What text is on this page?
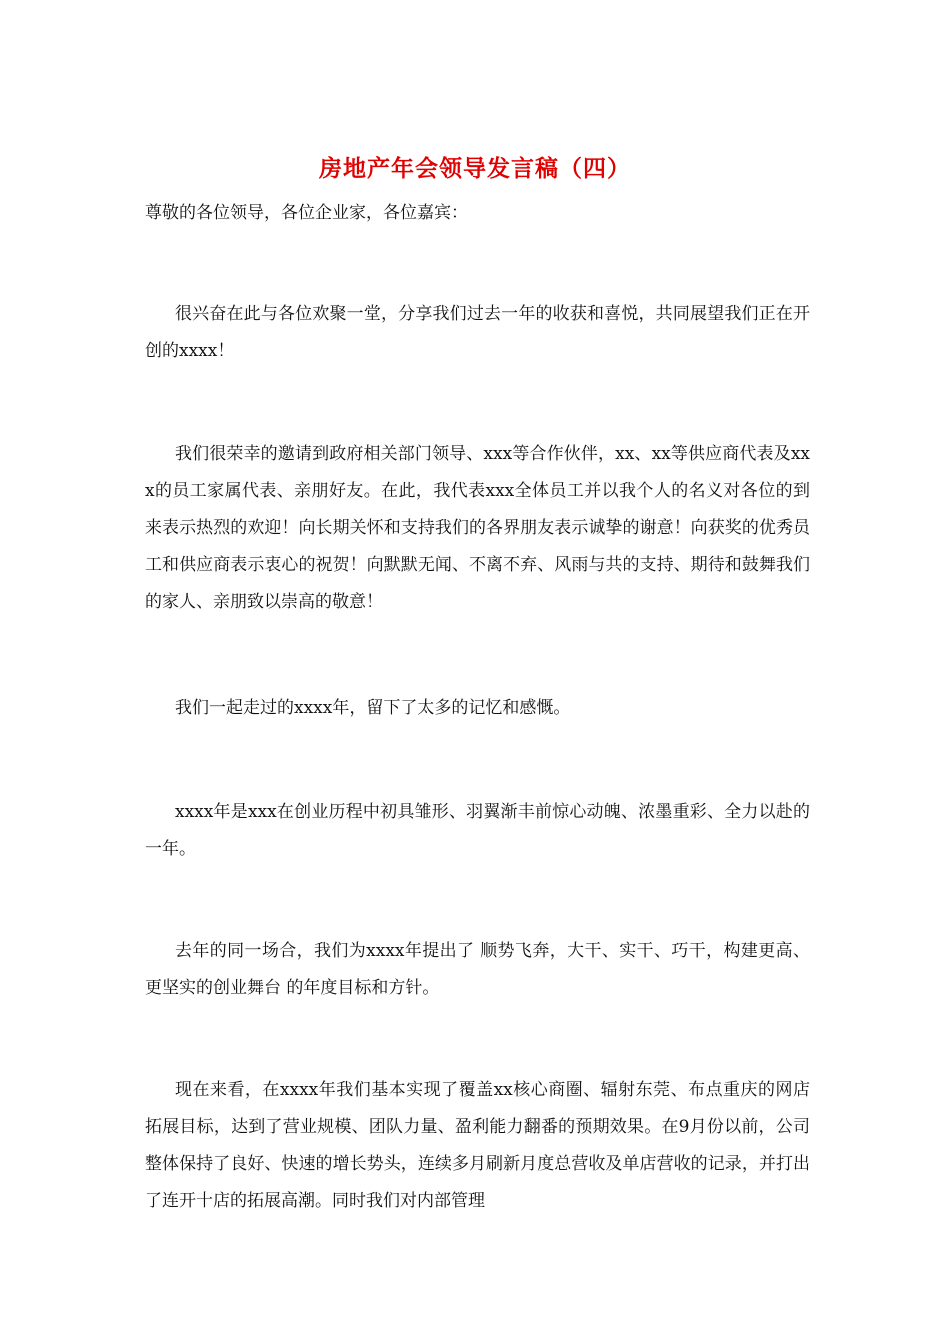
房地产年会领导发言稿（四）
尊敬的各位领导，各位企业家，各位嘉宾：
很兴奋在此与各位欢聚一堂，分享我们过去一年的收获和喜悦，共同展望我们正在开创的xxxx！
我们很荣幸的邀请到政府相关部门领导、xxx等合作伙伴，xx、xx等供应商代表及xxx的员工家属代表、亲朋好友。在此，我代表xxx全体员工并以我个人的名义对各位的到来表示热烈的欢迎！向长期关怀和支持我们的各界朋友表示诚挚的谢意！向获奖的优秀员工和供应商表示衷心的祝贺！向默默无闻、不离不弃、风雨与共的支持、期待和鼓舞我们的家人、亲朋致以崇高的敬意！
我们一起走过的xxxx年，留下了太多的记忆和感慨。
xxxx年是xxx在创业历程中初具雏形、羽翼渐丰前惊心动魄、浓墨重彩、全力以赴的一年。
去年的同一场合，我们为xxxx年提出了 顺势飞奔，大干、实干、巧干，构建更高、更坚实的创业舞台 的年度目标和方针。
现在来看，在xxxx年我们基本实现了覆盖xx核心商圈、辐射东莞、布点重庆的网店拓展目标，达到了营业规模、团队力量、盈利能力翻番的预期效果。在9月份以前，公司整体保持了良好、快速的增长势头，连续多月刷新月度总营收及单店营收的记录，并打出了连开十店的拓展高潮。同时我们对内部管理
